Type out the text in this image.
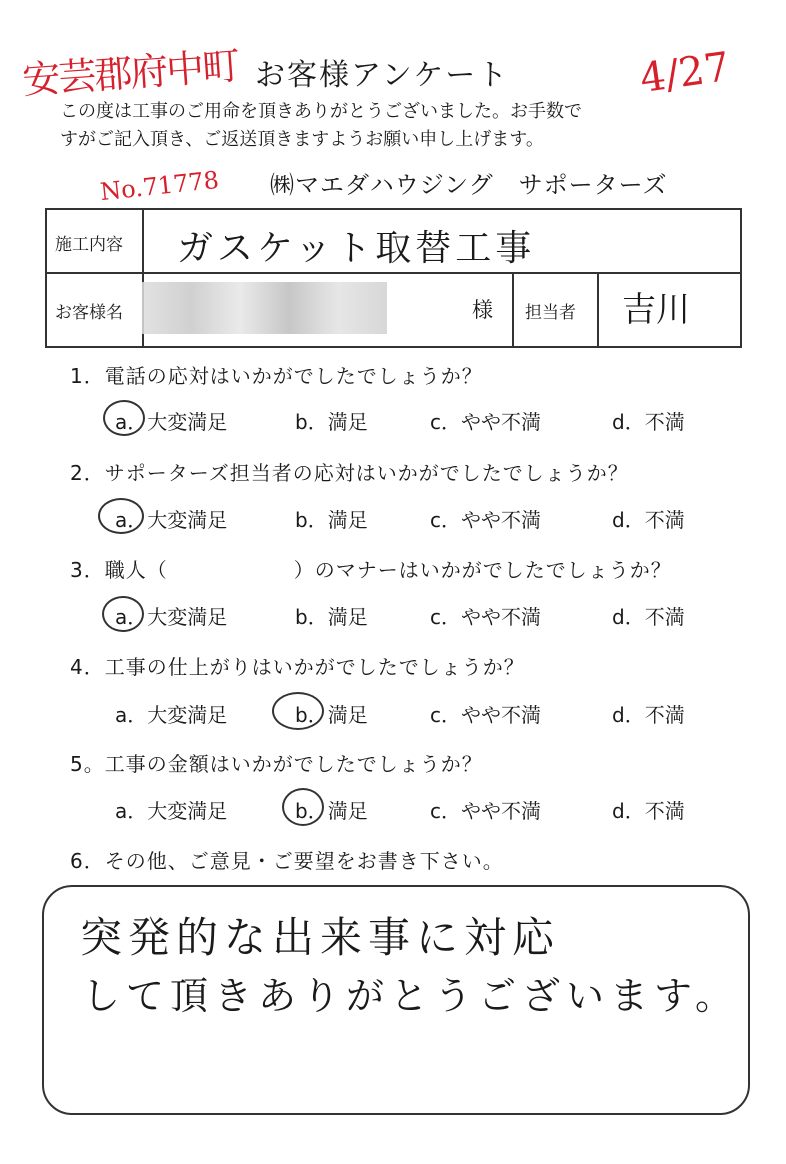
安芸郡府中町 お客様アンケート	4/27
この度は工事のご用命を頂きありがとうございました。お手数で
すがご記入頂き、ご返送頂きますようお願い申し上げます。
No.71778 ㈱マエダハウジング　サポーターズ
施工内容 ガスケット取替工事
お客様名	様 担当者 吉川
1．電話の応対はいかがでしたでしょうか？
a．大変満足	b．満足	c．やや不満	d．不満
2．サポーターズ担当者の応対はいかがでしたでしょうか？
a．大変満足	b．満足	c．やや不満	d．不満
3．職人（　　　　　　）のマナーはいかがでしたでしょうか？
a．大変満足	b．満足	c．やや不満	d．不満
4．工事の仕上がりはいかがでしたでしょうか？
a．大変満足	b．満足	c．やや不満	d．不満
5。工事の金額はいかがでしたでしょうか？
a．大変満足	b．満足	c．やや不満	d．不満
6．その他、ご意見・ご要望をお書き下さい。
突発的な出来事に対応
して頂きありがとうございます。
